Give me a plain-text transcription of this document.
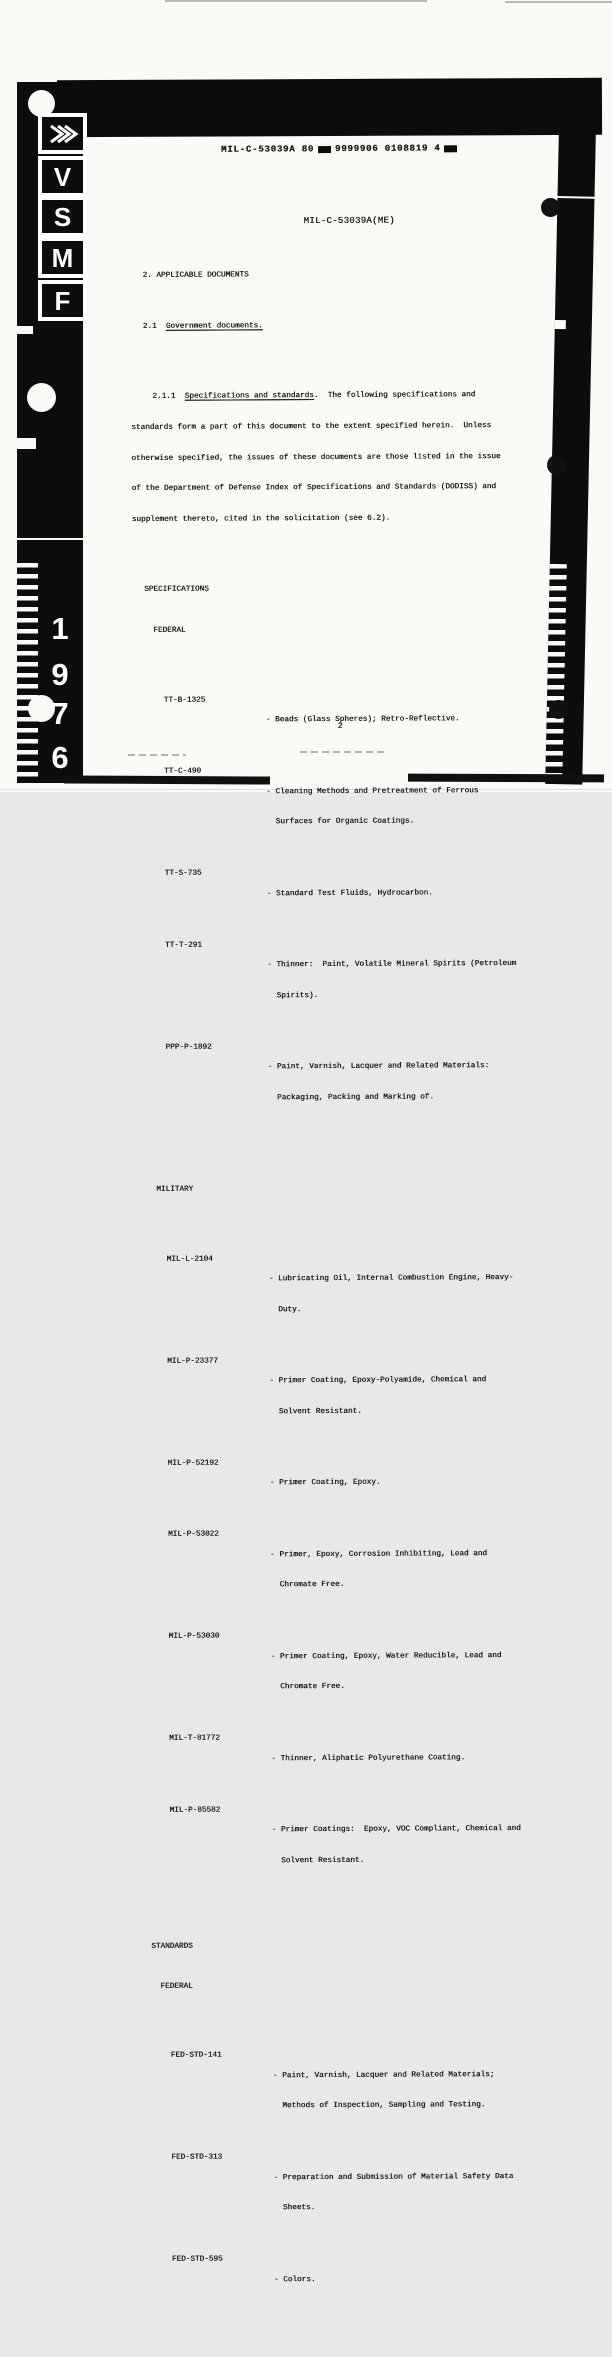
V
S
M
F
1
9
7
6
MIL-C-53039A 80 9999906 0108819 4

MIL-C-53039A(ME)

2. APPLICABLE DOCUMENTS

2.1  Government documents.

2.1.1  Specifications and standards.  The following specifications and

standards form a part of this document to the extent specified herein.  Unless

otherwise specified, the issues of these documents are those listed in the issue

of the Department of Defense Index of Specifications and Standards (DODISS) and

supplement thereto, cited in the solicitation (see 6.2).

SPECIFICATIONS

FEDERAL

TT-B-1325

- Beads (Glass Spheres); Retro-Reflective.

TT-C-490

- Cleaning Methods and Pretreatment of Ferrous

Surfaces for Organic Coatings.

TT-S-735

- Standard Test Fluids, Hydrocarbon.

TT-T-291

- Thinner:  Paint, Volatile Mineral Spirits (Petroleum

Spirits).

PPP-P-1892

- Paint, Varnish, Lacquer and Related Materials:

Packaging, Packing and Marking of.

MILITARY

MIL-L-2104

- Lubricating Oil, Internal Combustion Engine, Heavy-

Duty.

MIL-P-23377

- Primer Coating, Epoxy-Polyamide, Chemical and

Solvent Resistant.

MIL-P-52192

- Primer Coating, Epoxy.

MIL-P-53022

- Primer, Epoxy, Corrosion Inhibiting, Lead and

Chromate Free.

MIL-P-53030

- Primer Coating, Epoxy, Water Reducible, Lead and

Chromate Free.

MIL-T-81772

- Thinner, Aliphatic Polyurethane Coating.

MIL-P-85582

- Primer Coatings:  Epoxy, VOC Compliant, Chemical and

Solvent Resistant.

STANDARDS

FEDERAL

FED-STD-141

- Paint, Varnish, Lacquer and Related Materials;

Methods of Inspection, Sampling and Testing.

FED-STD-313

- Preparation and Submission of Material Safety Data

Sheets.

FED-STD-595

- Colors.

2
